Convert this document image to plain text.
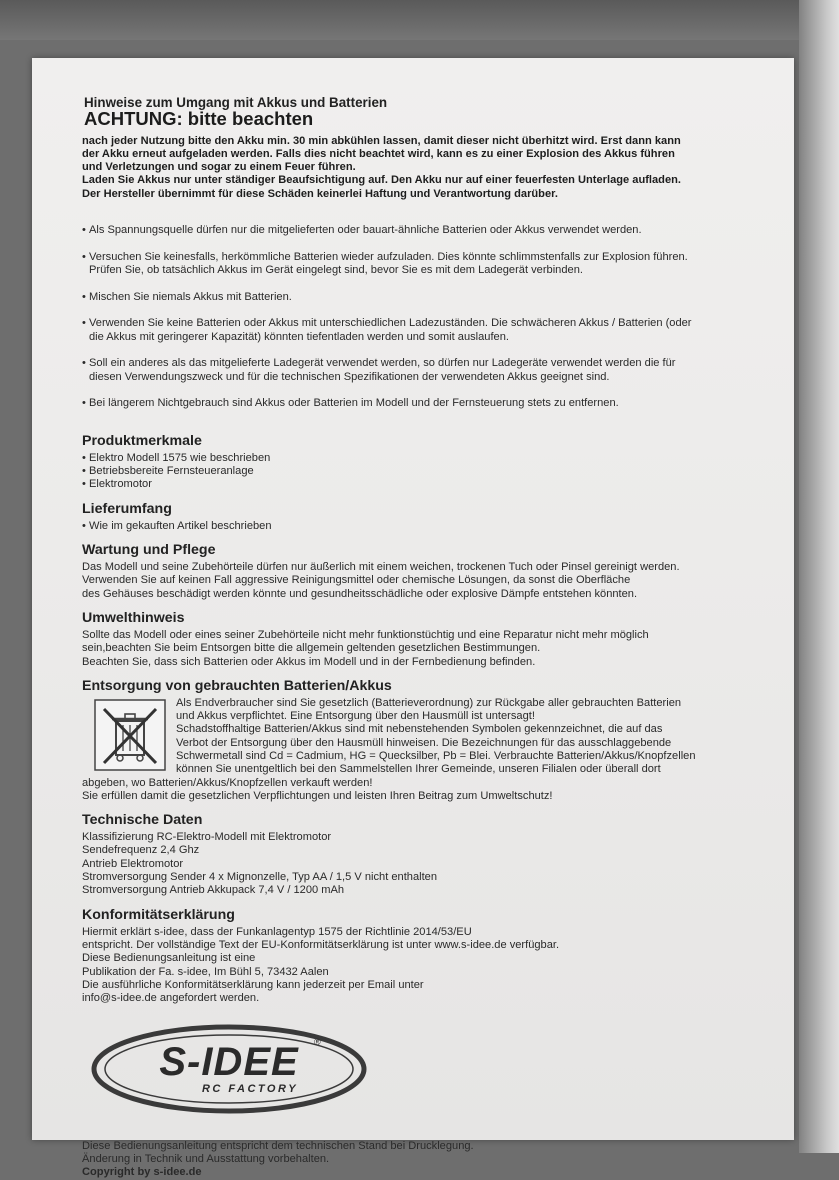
Hinweise zum Umgang mit Akkus und Batterien
ACHTUNG: bitte beachten

nach jeder Nutzung bitte den Akku min. 30 min abkühlen lassen, damit dieser nicht überhitzt wird. Erst dann kann

der Akku erneut aufgeladen werden. Falls dies nicht beachtet wird, kann es zu einer Explosion des Akkus führen

und Verletzungen und sogar zu einem Feuer führen.

Laden Sie Akkus nur unter ständiger Beaufsichtigung auf. Den Akku nur auf einer feuerfesten Unterlage aufladen.

Der Hersteller übernimmt für diese Schäden keinerlei Haftung und Verantwortung darüber.

• Als Spannungsquelle dürfen nur die mitgelieferten oder bauart-ähnliche Batterien oder Akkus verwendet werden.

• Versuchen Sie keinesfalls, herkömmliche Batterien wieder aufzuladen. Dies könnte schlimmstenfalls zur Explosion führen.
Prüfen Sie, ob tatsächlich Akkus im Gerät eingelegt sind, bevor Sie es mit dem Ladegerät verbinden.

• Mischen Sie niemals Akkus mit Batterien.

• Verwenden Sie keine Batterien oder Akkus mit unterschiedlichen Ladezuständen. Die schwächeren Akkus / Batterien (oder
die Akkus mit geringerer Kapazität) könnten tiefentladen werden und somit auslaufen.

• Soll ein anderes als das mitgelieferte Ladegerät verwendet werden, so dürfen nur Ladegeräte verwendet werden die für
diesen Verwendungszweck und für die technischen Spezifikationen der verwendeten Akkus geeignet sind.

• Bei längerem Nichtgebrauch sind Akkus oder Batterien im Modell und der Fernsteuerung stets zu entfernen.

Produktmerkmale
• Elektro Modell 1575 wie beschrieben
• Betriebsbereite Fernsteueranlage
• Elektromotor
Lieferumfang
• Wie im gekauften Artikel beschrieben
Wartung und Pflege

Das Modell und seine Zubehörteile dürfen nur äußerlich mit einem weichen, trockenen Tuch oder Pinsel gereinigt werden.

Verwenden Sie auf keinen Fall aggressive Reinigungsmittel oder chemische Lösungen, da sonst die Oberfläche

des Gehäuses beschädigt werden könnte und gesundheitsschädliche oder explosive Dämpfe entstehen könnten.

Umwelthinweis

Sollte das Modell oder eines seiner Zubehörteile nicht mehr funktionstüchtig und eine Reparatur nicht mehr möglich

sein,beachten Sie beim Entsorgen bitte die allgemein geltenden gesetzlichen Bestimmungen.

Beachten Sie, dass sich Batterien oder Akkus im Modell und in der Fernbedienung befinden.

Entsorgung von gebrauchten Batterien/Akkus

Als Endverbraucher sind Sie gesetzlich (Batterieverordnung) zur Rückgabe aller gebrauchten Batterien

und Akkus verpflichtet. Eine Entsorgung über den Hausmüll ist untersagt!

Schadstoffhaltige Batterien/Akkus sind mit nebenstehenden Symbolen gekennzeichnet, die auf das

Verbot der Entsorgung über den Hausmüll hinweisen. Die Bezeichnungen für das ausschlaggebende

Schwermetall sind Cd = Cadmium, HG = Quecksilber, Pb = Blei. Verbrauchte Batterien/Akkus/Knopfzellen

können Sie unentgeltlich bei den Sammelstellen Ihrer Gemeinde, unseren Filialen oder überall dort

abgeben, wo Batterien/Akkus/Knopfzellen verkauft werden!

Sie erfüllen damit die gesetzlichen Verpflichtungen und leisten Ihren Beitrag zum Umweltschutz!

Technische Daten

Klassifizierung RC-Elektro-Modell mit Elektromotor

Sendefrequenz 2,4 Ghz

Antrieb Elektromotor

Stromversorgung Sender 4 x Mignonzelle, Typ AA / 1,5 V nicht enthalten

Stromversorgung Antrieb Akkupack 7,4 V / 1200 mAh

Konformitätserklärung

Hiermit erklärt s-idee, dass der Funkanlagentyp 1575 der Richtlinie 2014/53/EU

entspricht. Der vollständige Text der EU-Konformitätserklärung ist unter www.s-idee.de verfügbar.

Diese Bedienungsanleitung ist eine

Publikation der Fa. s-idee, Im Bühl 5, 73432 Aalen

Die ausführliche Konformitätserklärung kann jederzeit per Email unter

info@s-idee.de angefordert werden.

S-IDEE ®
RC FACTORY

Diese Bedienungsanleitung entspricht dem technischen Stand bei Drucklegung.

Änderung in Technik und Ausstattung vorbehalten.

Copyright by s-idee.de
